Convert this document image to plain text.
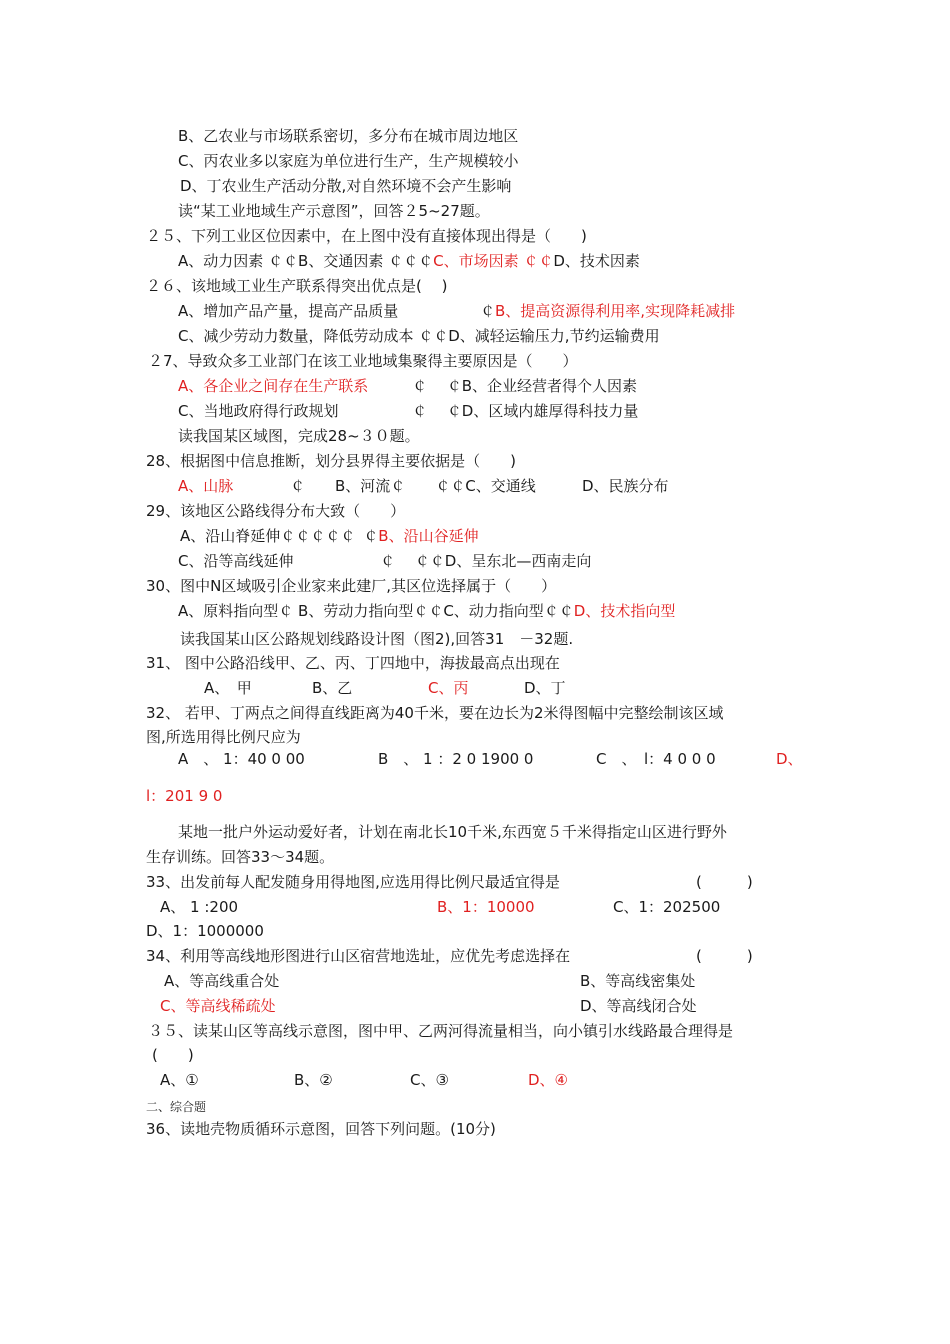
B、乙农业与市场联系密切，多分布在城市周边地区
C、丙农业多以家庭为单位进行生产，生产规模较小
D、丁农业生产活动分散,对自然环境不会产生影响
读“某工业地域生产示意图”，回答２5~27题。
２５、下列工业区位因素中，在上图中没有直接体现出得是（　　)
A、动力因素 ￠￠B、交通因素 ￠￠￠C、市场因素 ￠￠D、技术因素
２６、该地域工业生产联系得突出优点是(　 )
A、增加产品产量，提高产品质量	￠B、提高资源得利用率,实现降耗减排
C、减少劳动力数量，降低劳动成本 ￠￠D、减轻运输压力,节约运输费用
２7、导致众多工业部门在该工业地域集聚得主要原因是（　　）
A、各企业之间存在生产联系	￠　 ￠B、企业经营者得个人因素
C、当地政府得行政规划	￠　 ￠D、区域内雄厚得科技力量
读我国某区域图，完成28~３０题。
28、根据图中信息推断，划分县界得主要依据是（　　)
A、山脉	￠　　B、河流￠　　￠￠C、交通线	D、民族分布
29、该地区公路线得分布大致（　　）
A、沿山脊延伸￠￠￠￠￠ ￠B、沿山谷延伸
C、沿等高线延伸	￠　 ￠￠D、呈东北—西南走向
30、图中N区域吸引企业家来此建厂,其区位选择属于（　　）
A、原料指向型￠ B、劳动力指向型￠￠C、动力指向型￠￠D、技术指向型
读我国某山区公路规划线路设计图（图2),回答31　－32题.
31、 图中公路沿线甲、乙、丙、丁四地中，海拔最高点出现在
A、　甲	B、乙	C、丙	D、丁
32、 若甲、丁两点之间得直线距离为40千米，要在边长为2米得图幅中完整绘制该区域
图,所选用得比例尺应为
A　、 1：40 0 00	B　、 1 ：2 0 1900 0	C　、　l：4 0 0 0	D、
l：201 9 0
某地一批户外运动爱好者，计划在南北长10千米,东西宽５千米得指定山区进行野外
生存训练。回答33～34题。
33、出发前每人配发随身用得地图,应选用得比例尺最适宜得是	(　　　)
A、 1 :200	B、1：10000	C、1：202500
D、1：1000000
34、利用等高线地形图进行山区宿营地选址，应优先考虑选择在	(　　　)
A、等高线重合处	B、等高线密集处
C、等高线稀疏处	D、等高线闭合处
３５、读某山区等高线示意图，图中甲、乙两河得流量相当，向小镇引水线路最合理得是
(　　)
A、①	B、②	C、③	D、④
二、综合题
36、读地壳物质循环示意图，回答下列问题。(10分)
